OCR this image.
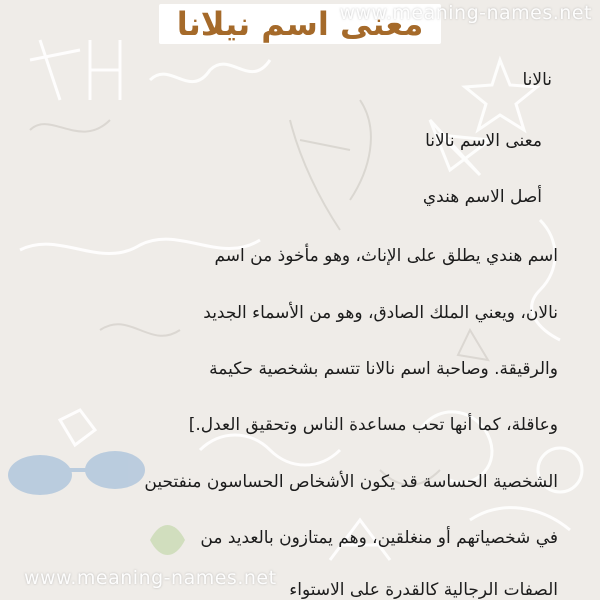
معنى اسم نيلانا
www.meaning-names.net
نالانا
معنى الاسم نالانا
أصل الاسم هندي
اسم هندي يطلق على الإناث، وهو مأخوذ من اسم
نالان، ويعني الملك الصادق، وهو من الأسماء الجديد
والرقيقة. وصاحبة اسم نالانا تتسم بشخصية حكيمة
وعاقلة، كما أنها تحب مساعدة الناس وتحقيق العدل.]
الشخصية الحساسة قد يكون الأشخاص الحساسون منفتحين
في شخصياتهم أو منغلقين، وهم يمتازون بالعديد من
الصفات الرجالية كالقدرة على الاستواء
www.meaning-names.net
